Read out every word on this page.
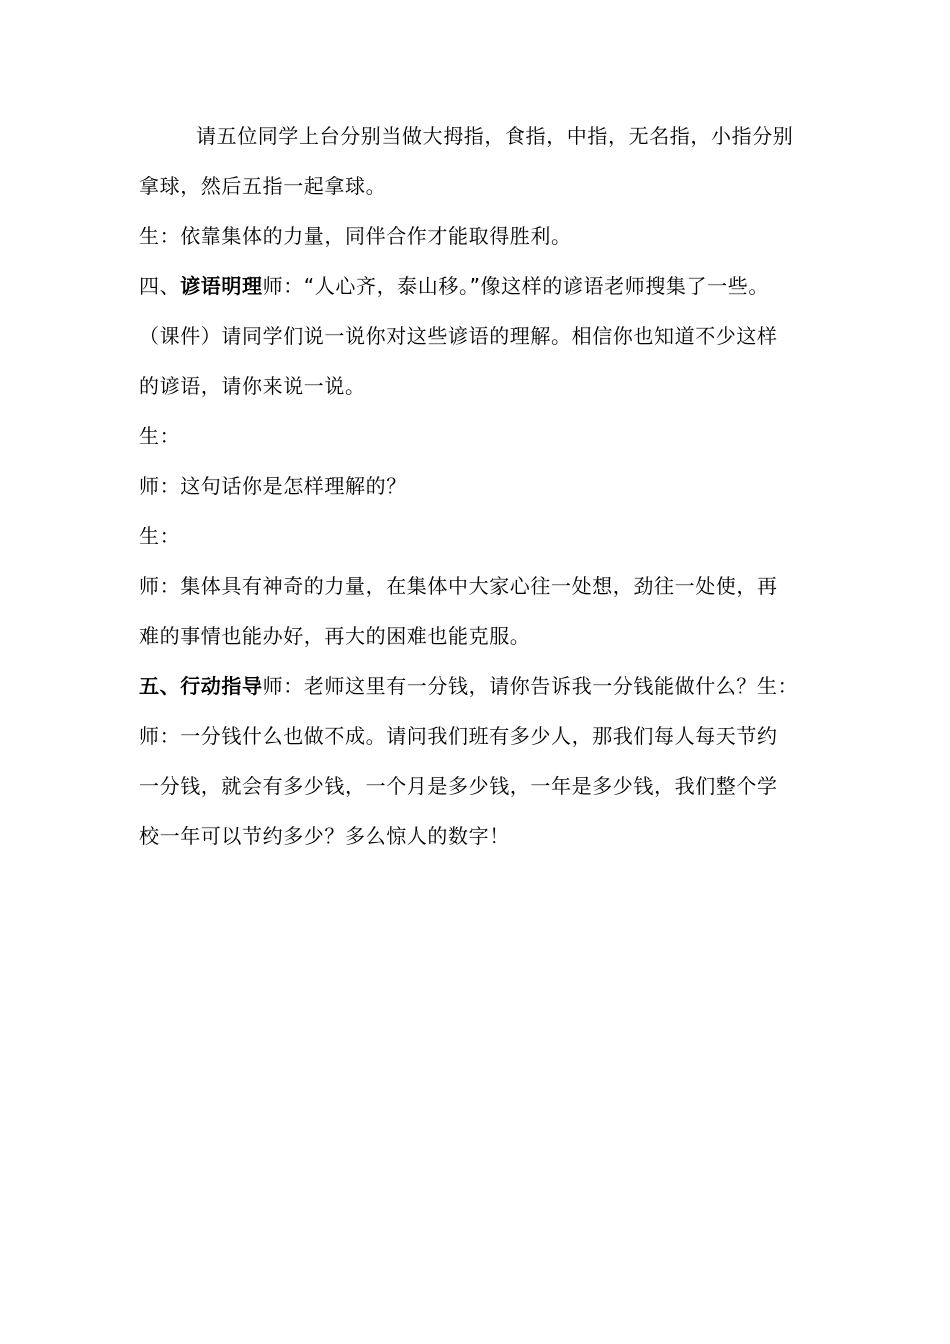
请五位同学上台分别当做大拇指，食指，中指，无名指，小指分别
拿球，然后五指一起拿球。
生：依靠集体的力量，同伴合作才能取得胜利。
四、谚语明理师：“人心齐，泰山移。”像这样的谚语老师搜集了一些。
（课件）请同学们说一说你对这些谚语的理解。相信你也知道不少这样
的谚语，请你来说一说。
生：
师：这句话你是怎样理解的？
生：
师：集体具有神奇的力量，在集体中大家心往一处想，劲往一处使，再
难的事情也能办好，再大的困难也能克服。
五、行动指导师：老师这里有一分钱，请你告诉我一分钱能做什么？生：
师：一分钱什么也做不成。请问我们班有多少人，那我们每人每天节约
一分钱，就会有多少钱，一个月是多少钱，一年是多少钱，我们整个学
校一年可以节约多少？多么惊人的数字！
